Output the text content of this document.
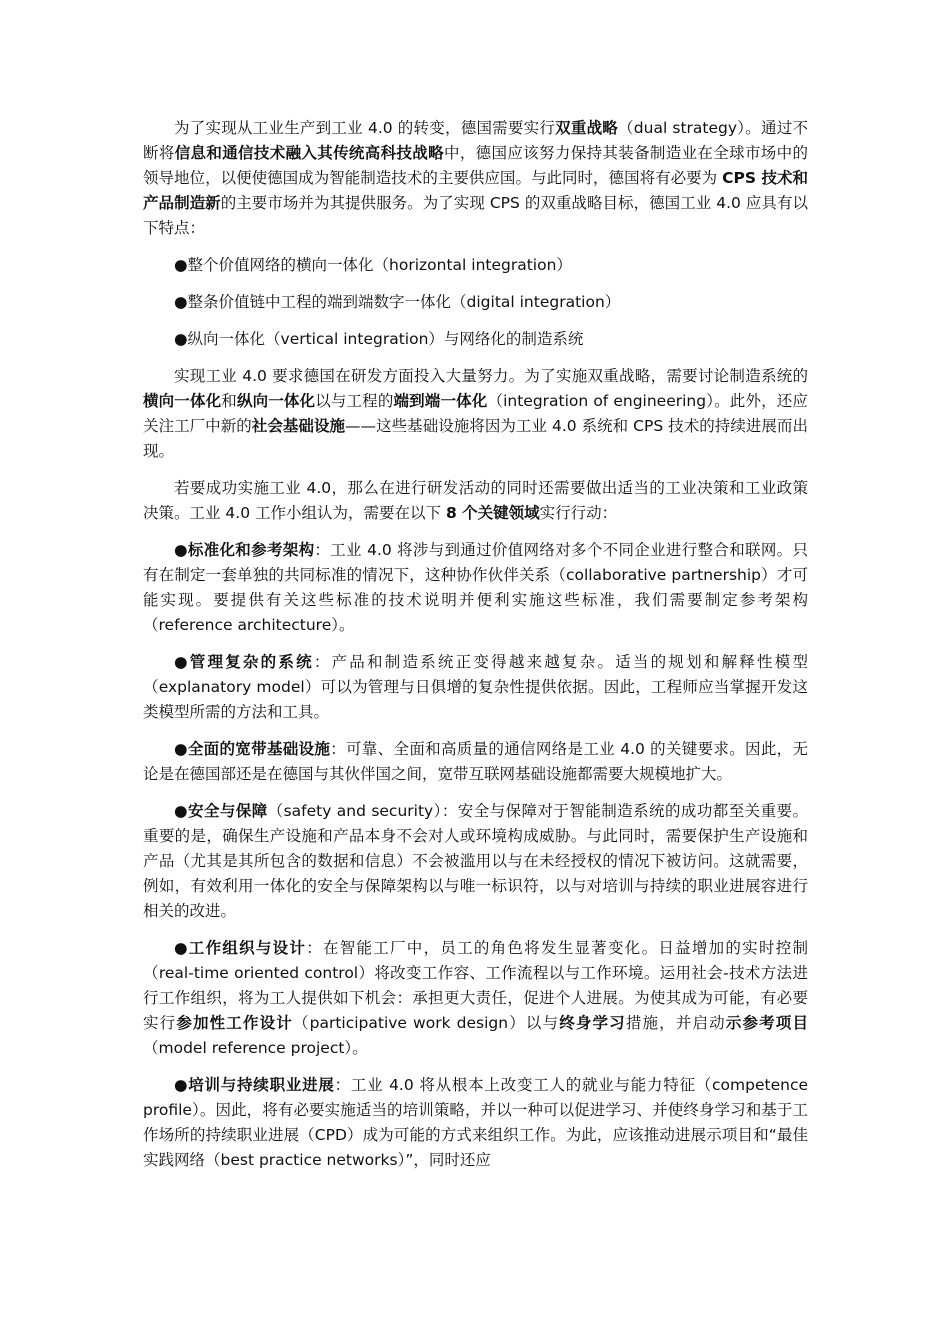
为了实现从工业生产到工业 4.0 的转变，德国需要实行双重战略（dual strategy）。通过不断将信息和通信技术融入其传统高科技战略中，德国应该努力保持其装备制造业在全球市场中的领导地位，以便使德国成为智能制造技术的主要供应国。与此同时，德国将有必要为 CPS 技术和产品制造新的主要市场并为其提供服务。为了实现 CPS 的双重战略目标，德国工业 4.0 应具有以下特点：

●整个价值网络的横向一体化（horizontal integration）

●整条价值链中工程的端到端数字一体化（digital integration）

●纵向一体化（vertical integration）与网络化的制造系统

实现工业 4.0 要求德国在研发方面投入大量努力。为了实施双重战略，需要讨论制造系统的横向一体化和纵向一体化以与工程的端到端一体化（integration of engineering）。此外，还应关注工厂中新的社会基础设施——这些基础设施将因为工业 4.0 系统和 CPS 技术的持续进展而出现。

若要成功实施工业 4.0，那么在进行研发活动的同时还需要做出适当的工业决策和工业政策决策。工业 4.0 工作小组认为，需要在以下 8 个关键领域实行行动：

●标准化和参考架构：工业 4.0 将涉与到通过价值网络对多个不同企业进行整合和联网。只有在制定一套单独的共同标准的情况下，这种协作伙伴关系（collaborative partnership）才可能实现。要提供有关这些标准的技术说明并便利实施这些标准，我们需要制定参考架构（reference architecture）。

●管理复杂的系统：产品和制造系统正变得越来越复杂。适当的规划和解释性模型（explanatory model）可以为管理与日俱增的复杂性提供依据。因此，工程师应当掌握开发这类模型所需的方法和工具。

●全面的宽带基础设施：可靠、全面和高质量的通信网络是工业 4.0 的关键要求。因此，无论是在德国部还是在德国与其伙伴国之间，宽带互联网基础设施都需要大规模地扩大。

●安全与保障（safety and security）：安全与保障对于智能制造系统的成功都至关重要。重要的是，确保生产设施和产品本身不会对人或环境构成威胁。与此同时，需要保护生产设施和产品（尤其是其所包含的数据和信息）不会被滥用以与在未经授权的情况下被访问。这就需要，例如，有效利用一体化的安全与保障架构以与唯一标识符，以与对培训与持续的职业进展容进行相关的改进。

●工作组织与设计：在智能工厂中，员工的角色将发生显著变化。日益增加的实时控制（real-time oriented control）将改变工作容、工作流程以与工作环境。运用社会-技术方法进行工作组织，将为工人提供如下机会：承担更大责任，促进个人进展。为使其成为可能，有必要实行参加性工作设计（participative work design）以与终身学习措施，并启动示参考项目（model reference project）。

●培训与持续职业进展：工业 4.0 将从根本上改变工人的就业与能力特征（competence profile）。因此，将有必要实施适当的培训策略，并以一种可以促进学习、并使终身学习和基于工作场所的持续职业进展（CPD）成为可能的方式来组织工作。为此，应该推动进展示项目和“最佳实践网络（best practice networks）”，同时还应
